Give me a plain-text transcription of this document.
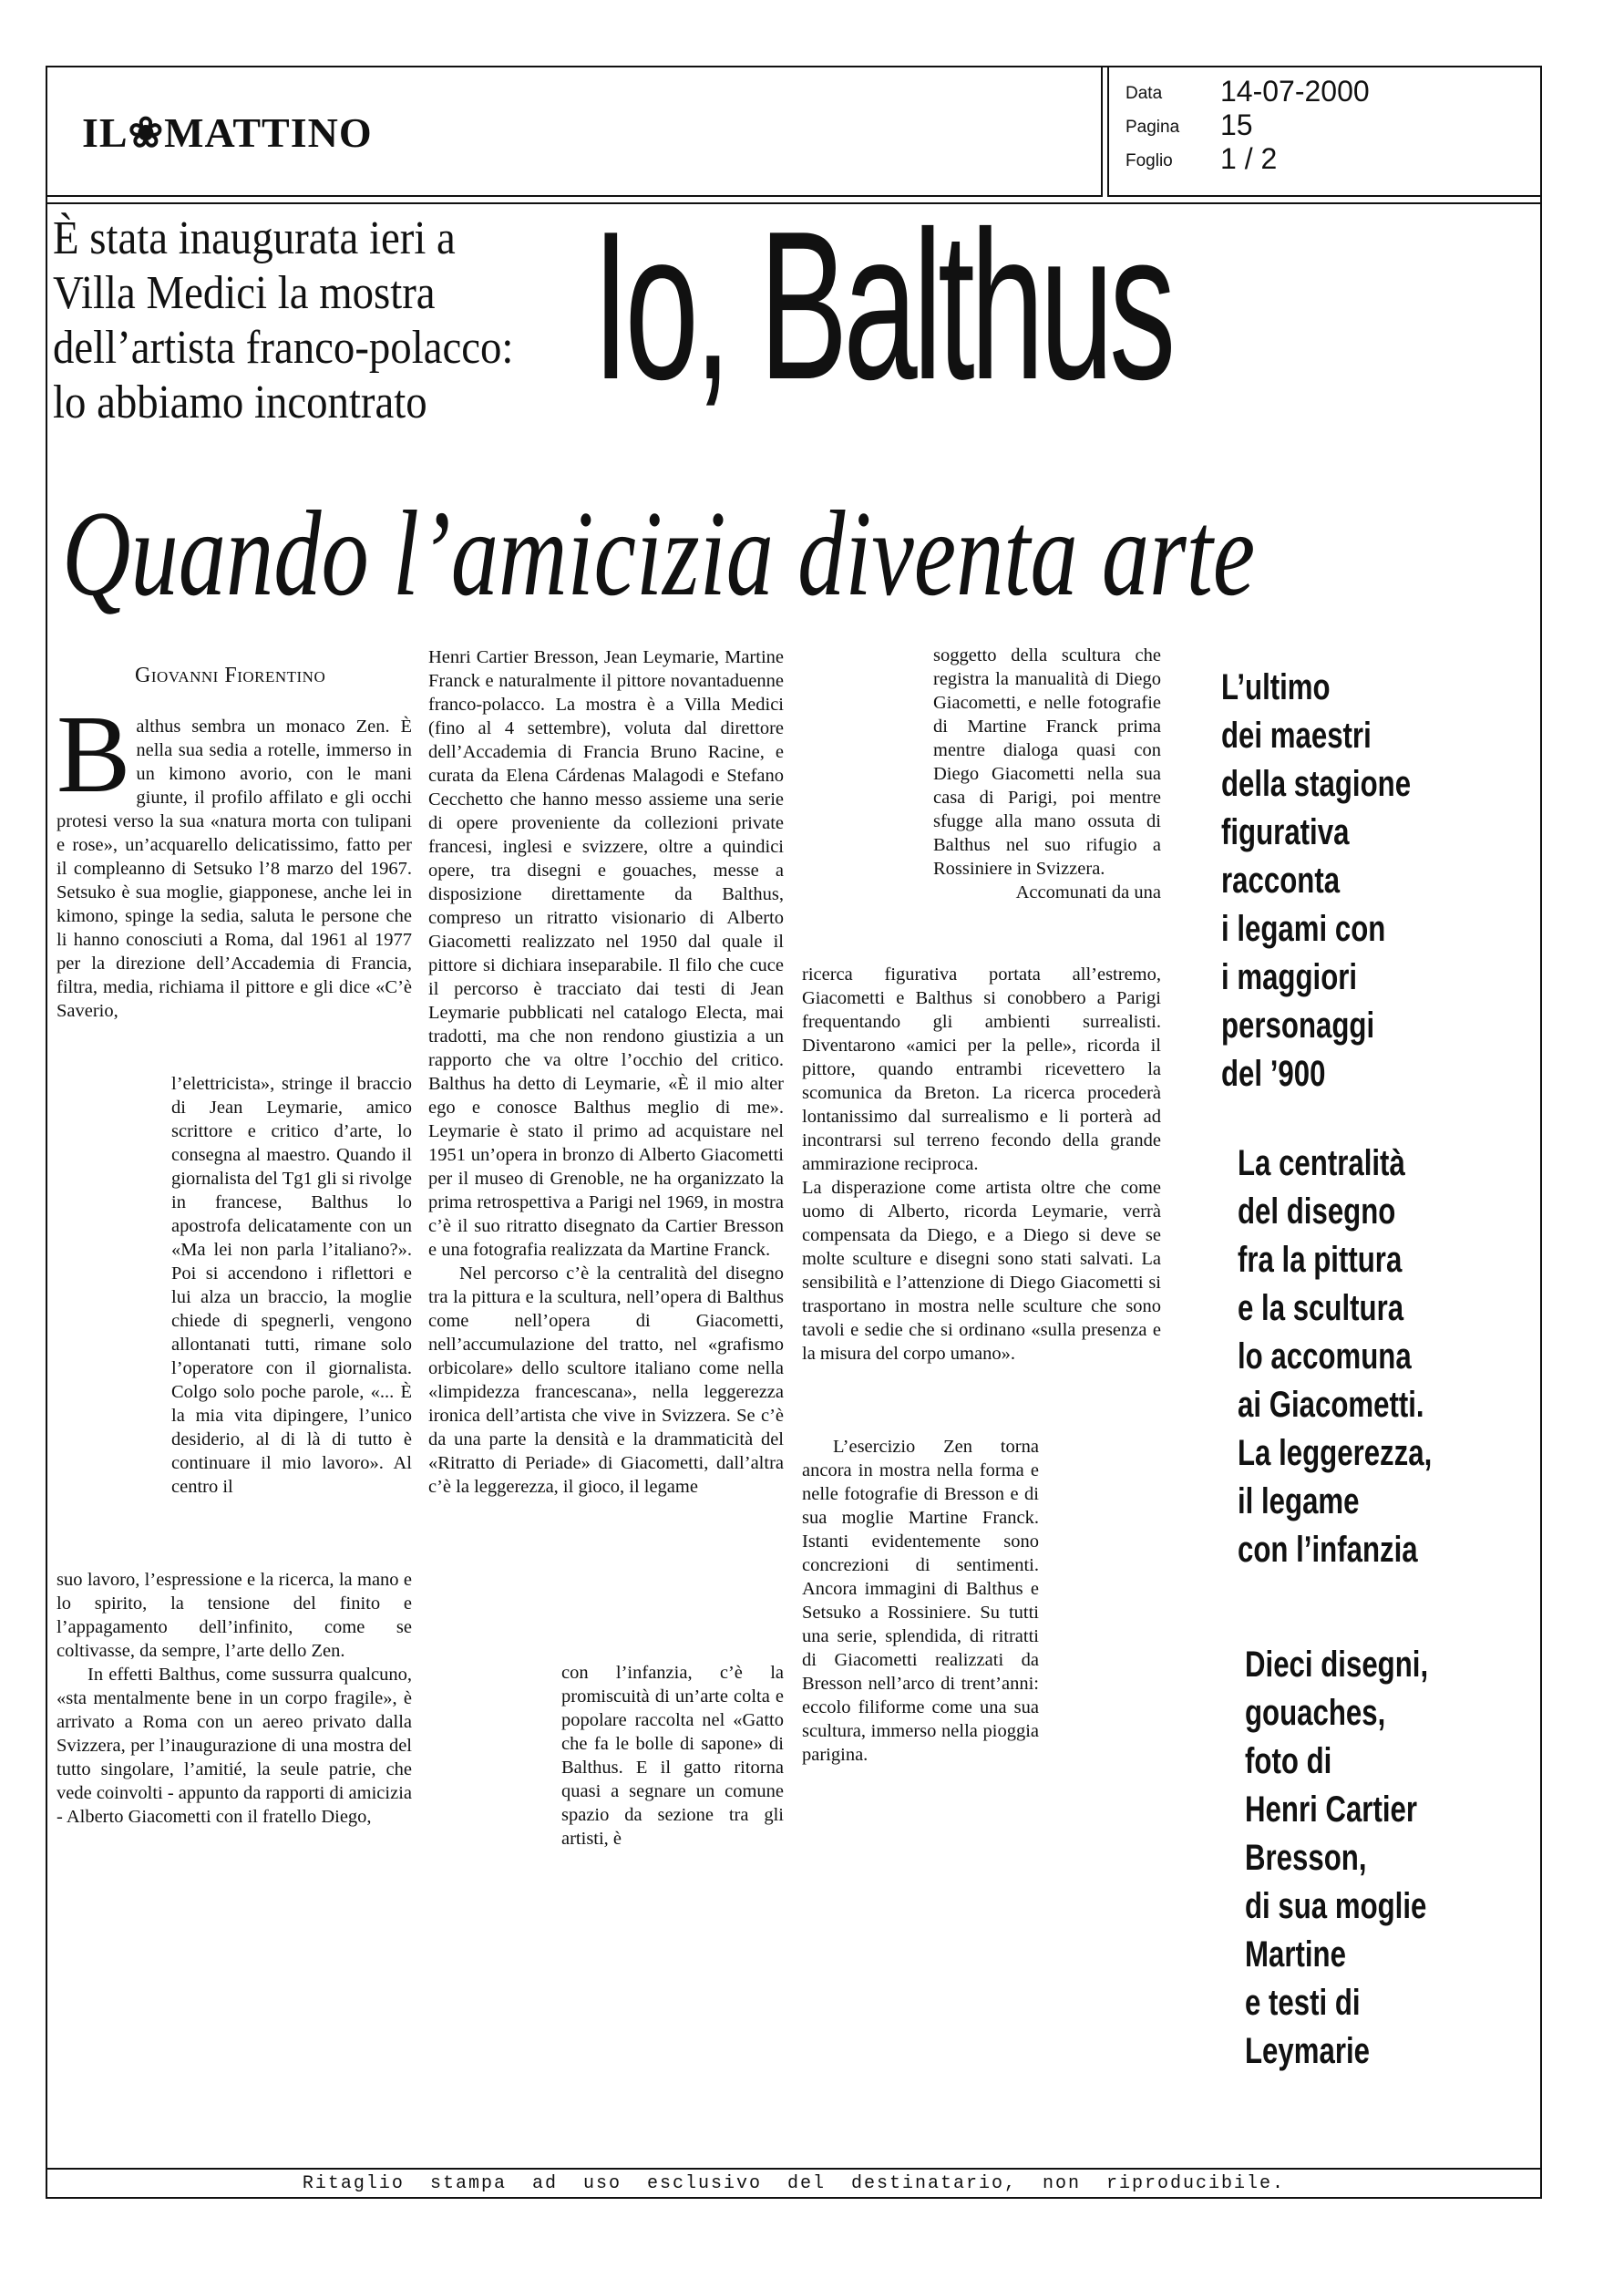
IL❀MATTINO
Data 14-07-2000
Pagina 15
Foglio 1 / 2
È stata inaugurata ieri a Villa Medici la mostra dell’artista franco-polacco: lo abbiamo incontrato Io, Balthus
Quando l’amicizia diventa arte
Giovanni Fiorentino
B althus sembra un monaco Zen. È nella sua sedia a rotelle, immerso in un kimono avorio, con le mani giunte, il profilo affilato e gli occhi protesi verso la sua «natura morta con tulipani e rose», un’acquarello delicatissimo, fatto per il compleanno di Setsuko l’8 marzo del 1967. Setsuko è sua moglie, giapponese, anche lei in kimono, spinge la sedia, saluta le persone che li hanno conosciuti a Roma, dal 1961 al 1977 per la direzione dell’Accademia di Francia, filtra, media, richiama il pittore e gli dice «C’è Saverio,
l’elettricista», stringe il braccio di Jean Leymarie, amico scrittore e critico d’arte, lo consegna al maestro. Quando il giornalista del Tg1 gli si rivolge in francese, Balthus lo apostrofa delicatamente con un «Ma lei non parla l’italiano?». Poi si accendono i riflettori e lui alza un braccio, la moglie chiede di spegnerli, vengono allontanati tutti, rimane solo l’operatore con il giornalista. Colgo solo poche parole, «... È la mia vita dipingere, l’unico desiderio, al di là di tutto è continuare il mio lavoro». Al centro il

suo lavoro, l’espressione e la ricerca, la mano e lo spirito, la tensione del finito e l’appagamento dell’infinito, come se coltivasse, da sempre, l’arte dello Zen.

In effetti Balthus, come sussurra qualcuno, «sta mentalmente bene in un corpo fragile», è arrivato a Roma con un aereo privato dalla Svizzera, per l’inaugurazione di una mostra del tutto singolare, l’amitié, la seule patrie, che vede coinvolti - appunto da rapporti di amicizia - Alberto Giacometti con il fratello Diego,

Henri Cartier Bresson, Jean Leymarie, Martine Franck e naturalmente il pittore novantaduenne franco-polacco. La mostra è a Villa Medici (fino al 4 settembre), voluta dal direttore dell’Accademia di Francia Bruno Racine, e curata da Elena Cárdenas Malagodi e Stefano Cecchetto che hanno messo assieme una serie di opere proveniente da collezioni private francesi, inglesi e svizzere, oltre a quindici opere, tra disegni e gouaches, messe a disposizione direttamente da Balthus, compreso un ritratto visionario di Alberto Giacometti realizzato nel 1950 dal quale il pittore si dichiara inseparabile. Il filo che cuce il percorso è tracciato dai testi di Jean Leymarie pubblicati nel catalogo Electa, mai tradotti, ma che non rendono giustizia a un rapporto che va oltre l’occhio del critico. Balthus ha detto di Leymarie, «È il mio alter ego e conosce Balthus meglio di me». Leymarie è stato il primo ad acquistare nel 1951 un’opera in bronzo di Alberto Giacometti per il museo di Grenoble, ne ha organizzato la prima retrospettiva a Parigi nel 1969, in mostra c’è il suo ritratto disegnato da Cartier Bresson e una fotografia realizzata da Martine Franck.

Nel percorso c’è la centralità del disegno tra la pittura e la scultura, nell’opera di Balthus come nell’opera di Giacometti, nell’accumulazione del tratto, nel «grafismo orbicolare» dello scultore italiano come nella «limpidezza francescana», nella leggerezza ironica dell’artista che vive in Svizzera. Se c’è da una parte la densità e la drammaticità del «Ritratto di Periade» di Giacometti, dall’altra c’è la leggerezza, il gioco, il legame

con l’infanzia, c’è la promiscuità di un’arte colta e popolare raccolta nel «Gatto che fa le bolle di sapone» di Balthus. E il gatto ritorna quasi a segnare un comune spazio da sezione tra gli artisti, è

soggetto della scultura che registra la manualità di Diego Giacometti, e nelle fotografie di Martine Franck prima mentre dialoga quasi con Diego Giacometti nella sua casa di Parigi, poi mentre sfugge alla mano ossuta di Balthus nel suo rifugio a Rossiniere in Svizzera.

Accomunati da una

ricerca figurativa portata all’estremo, Giacometti e Balthus si conobbero a Parigi frequentando gli ambienti surrealisti. Diventarono «amici per la pelle», ricorda il pittore, quando entrambi ricevettero la scomunica da Breton. La ricerca procederà lontanissimo dal surrealismo e li porterà ad incontrarsi sul terreno fecondo della grande ammirazione reciproca.

La disperazione come artista oltre che come uomo di Alberto, ricorda Leymarie, verrà compensata da Diego, e a Diego si deve se molte sculture e disegni sono stati salvati. La sensibilità e l’attenzione di Diego Giacometti si trasportano in mostra nelle sculture che sono tavoli e sedie che si ordinano «sulla presenza e la misura del corpo umano».

L’esercizio Zen torna ancora in mostra nella forma e nelle fotografie di Bresson e di sua moglie Martine Franck. Istanti evidentemente sono concrezioni di sentimenti. Ancora immagini di Balthus e Setsuko a Rossiniere. Su tutti una serie, splendida, di ritratti di Giacometti realizzati da Bresson nell’arco di trent’anni: eccolo filiforme come una sua scultura, immerso nella pioggia parigina.

L’ultimo
dei maestri
della stagione
figurativa
racconta
i legami con
i maggiori
personaggi
del ’900
La centralità
del disegno
fra la pittura
e la scultura
lo accomuna
ai Giacometti.
La leggerezza,
il legame
con l’infanzia
Dieci disegni,
gouaches,
foto di
Henri Cartier
Bresson,
di sua moglie
Martine
e testi di
Leymarie
Ritaglio stampa ad uso esclusivo del destinatario, non riproducibile.
